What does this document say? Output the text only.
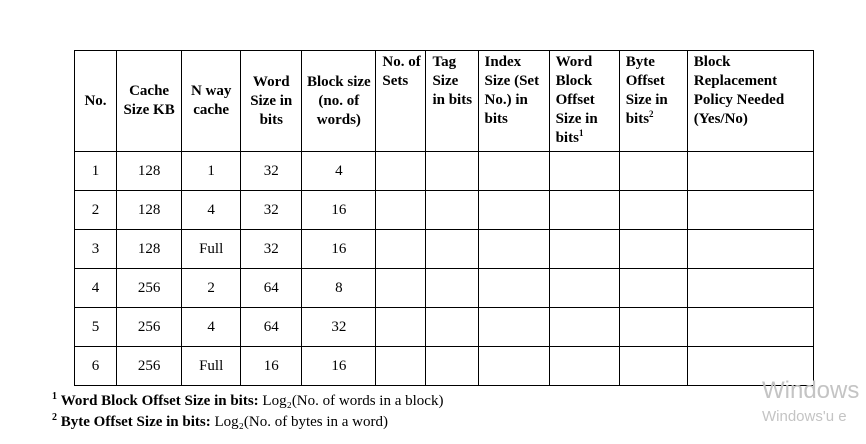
No.	Cache Size KB	N way cache	Word Size in bits	Block size (no. of words)	No. of Sets	Tag Size in bits	Index Size (Set No.) in bits	Word Block Offset Size in bits$^1$	Byte Offset Size in bits$^2$	Block Replacement Policy Needed (Yes/No)
1	128	1	32	4						
2	128	4	32	16						
3	128	Full	32	16						
4	256	2	64	8						
5	256	4	64	32						
6	256	Full	16	16						
$^1$ Word Block Offset Size in bits: Log₂(No. of words in a block)
$^2$ Byte Offset Size in bits: Log₂(No. of bytes in a word)
Windows
Windows'u e
